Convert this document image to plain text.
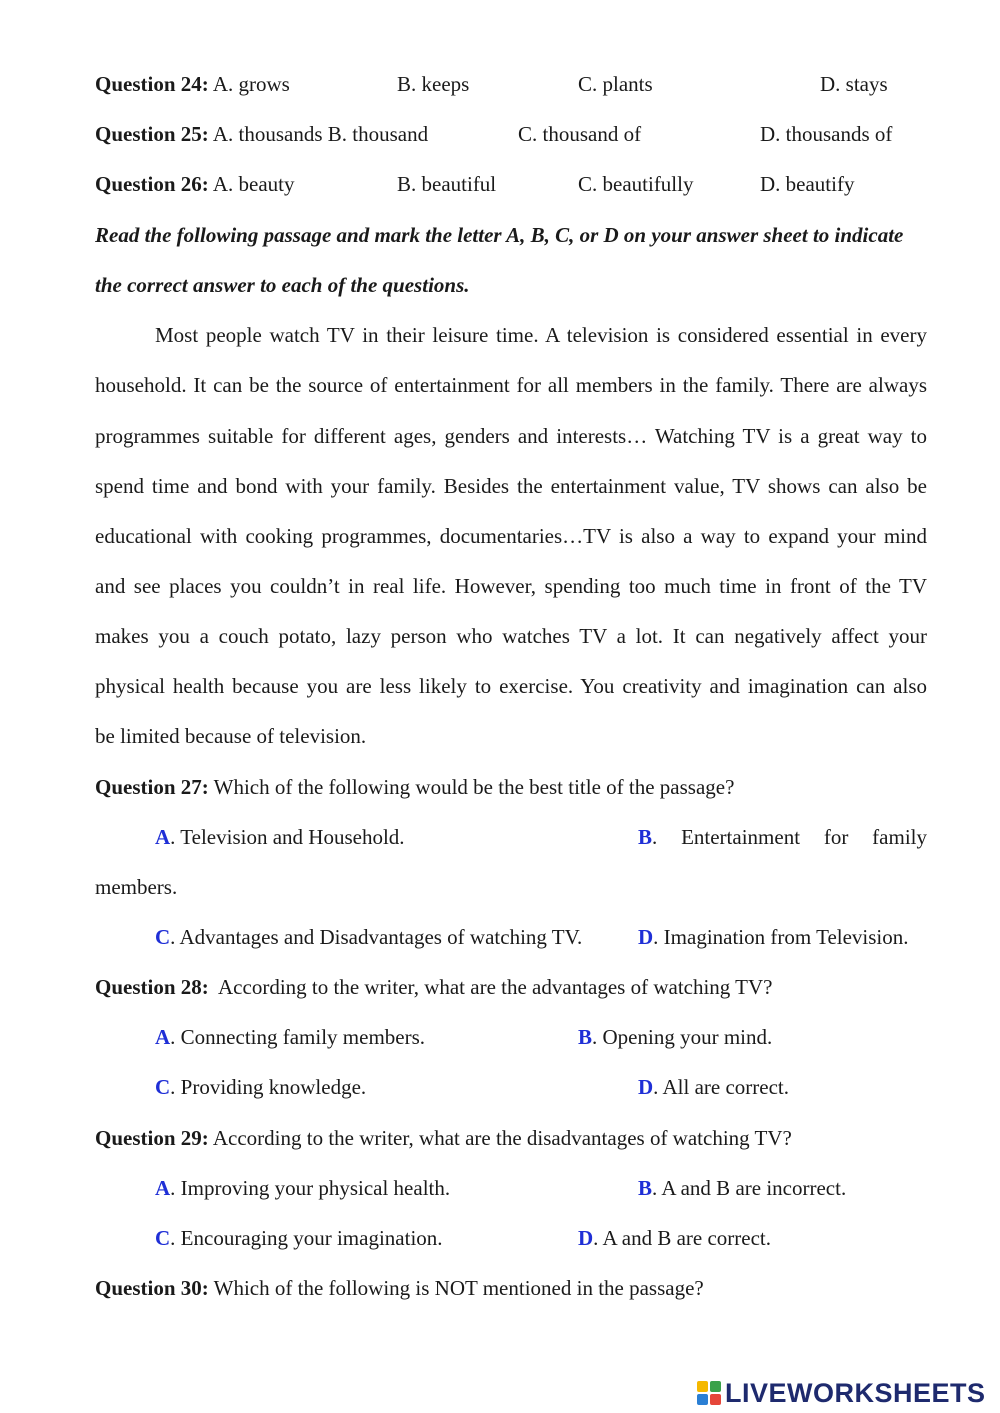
Question 24: A. grows	B. keeps	C. plants	D. stays
Question 25: A. thousands B. thousand	C. thousand of	D. thousands of
Question 26: A. beauty	B. beautiful	C. beautifully	D. beautify
Read the following passage and mark the letter A, B, C, or D on your answer sheet to indicate
the correct answer to each of the questions.
Most people watch TV in their leisure time. A television is considered essential in every
household. It can be the source of entertainment for all members in the family. There are always
programmes suitable for different ages, genders and interests… Watching TV is a great way to
spend time and bond with your family. Besides the entertainment value, TV shows can also be
educational with cooking programmes, documentaries…TV is also a way to expand your mind
and see places you couldn’t in real life. However, spending too much time in front of the TV
makes you a couch potato, lazy person who watches TV a lot. It can negatively affect your
physical health because you are less likely to exercise. You creativity and imagination can also
be limited because of television.
Question 27: Which of the following would be the best title of the passage?
A. Television and Household.	B. Entertainment for family
members.
C. Advantages and Disadvantages of watching TV.	D. Imagination from Television.
Question 28: According to the writer, what are the advantages of watching TV?
A. Connecting family members.	B. Opening your mind.
C. Providing knowledge.	D. All are correct.
Question 29: According to the writer, what are the disadvantages of watching TV?
A. Improving your physical health.	B. A and B are incorrect.
C. Encouraging your imagination.	D. A and B are correct.
Question 30: Which of the following is NOT mentioned in the passage?
LIVEWORKSHEETS
